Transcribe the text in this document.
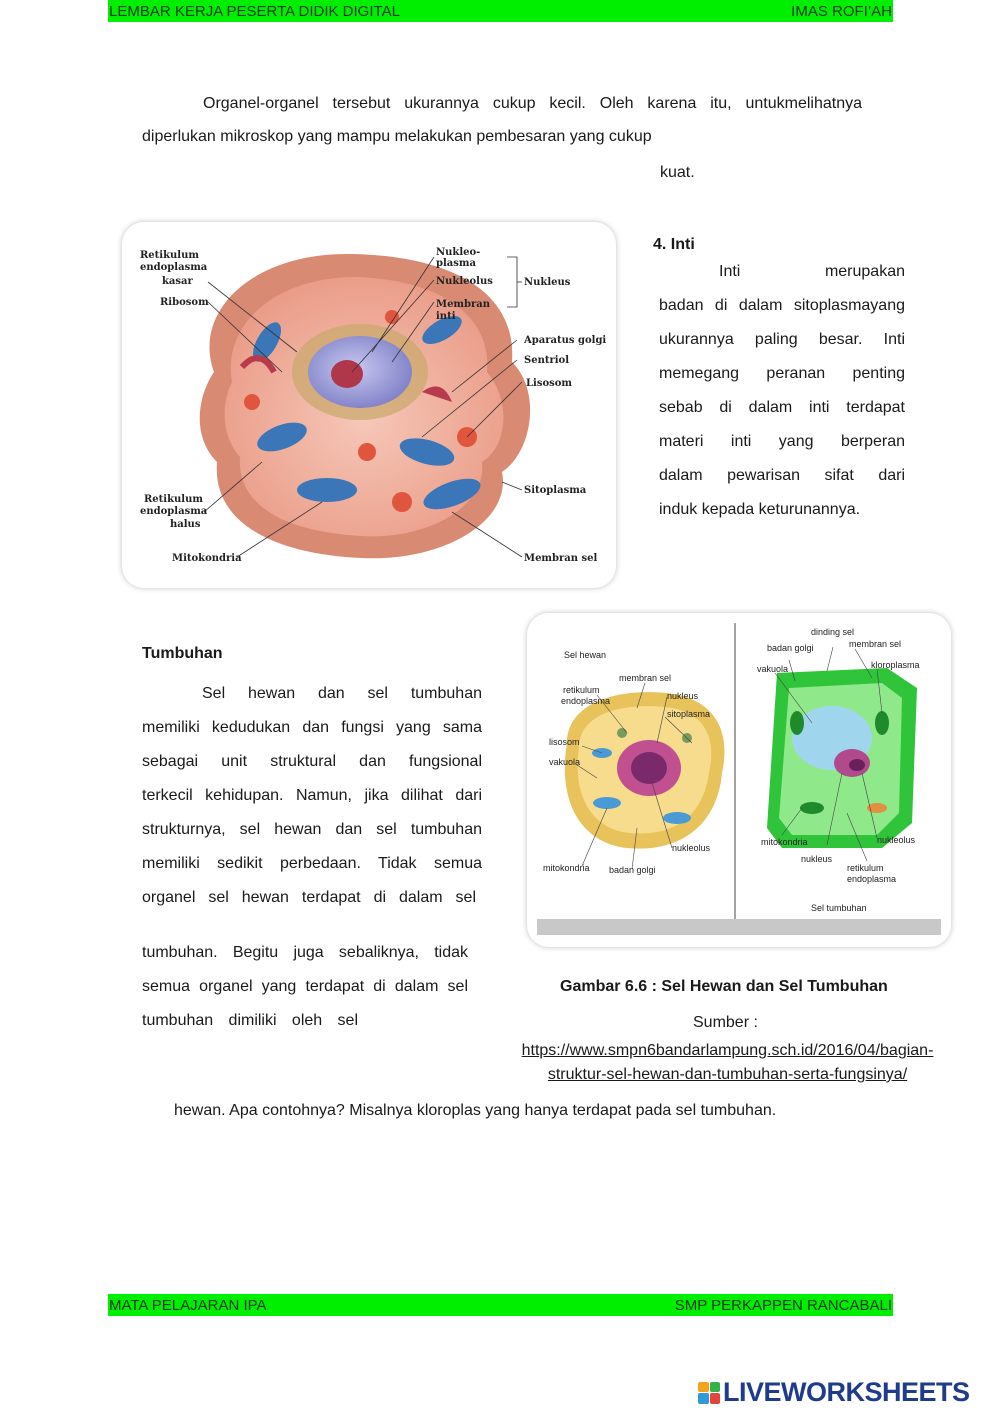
LEMBAR KERJA PESERTA DIDIK DIGITAL	IMAS ROFI’AH
Organel-organel tersebut ukurannya cukup kecil. Oleh karena itu, untukmelihatnya
diperlukan mikroskop yang mampu melakukan pembesaran yang cukup
kuat.
Retikulum
endoplasma
kasar
Ribosom
Nukleo-
plasma
Nukleolus
Membran
inti
Nukleus
Aparatus golgi
Sentriol
Lisosom
Retikulum
endoplasma
halus
Sitoplasma
Mitokondria	Membran sel
4. Inti
Inti merupakan
badan di dalam sitoplasmayang
ukurannya paling besar. Inti
memegang peranan penting
sebab di dalam inti terdapat
materi inti yang berperan
dalam pewarisan sifat dari
induk kepada keturunannya.
Tumbuhan
Sel hewan dan sel tumbuhan
memiliki kedudukan dan fungsi yang sama
sebagai unit struktural dan fungsional
terkecil kehidupan. Namun, jika dilihat dari
strukturnya, sel hewan dan sel tumbuhan
memiliki sedikit perbedaan. Tidak semua
organel sel hewan terdapat di dalam sel
tumbuhan. Begitu juga sebaliknya, tidak
semua organel yang terdapat di dalam sel
tumbuhan dimiliki oleh sel
Sel hewan
membran sel
retikulum
endoplasma	nukleus
sitoplasma
lisosom
vakuola
nukleolus
mitokondria badan golgi
dinding sel
badan golgi	membran sel
vakuola	kloroplasma
mitokondria	nukleolus
nukleus
retikulum
endoplasma
Sel tumbuhan
Gambar 6.6 : Sel Hewan dan Sel Tumbuhan
Sumber :
https://www.smpn6bandarlampung.sch.id/2016/04/bagian-struktur-sel-hewan-dan-tumbuhan-serta-fungsinya/
hewan. Apa contohnya? Misalnya kloroplas yang hanya terdapat pada sel tumbuhan.
MATA PELAJARAN IPA	SMP PERKAPPEN RANCABALI
LIVEWORKSHEETS
